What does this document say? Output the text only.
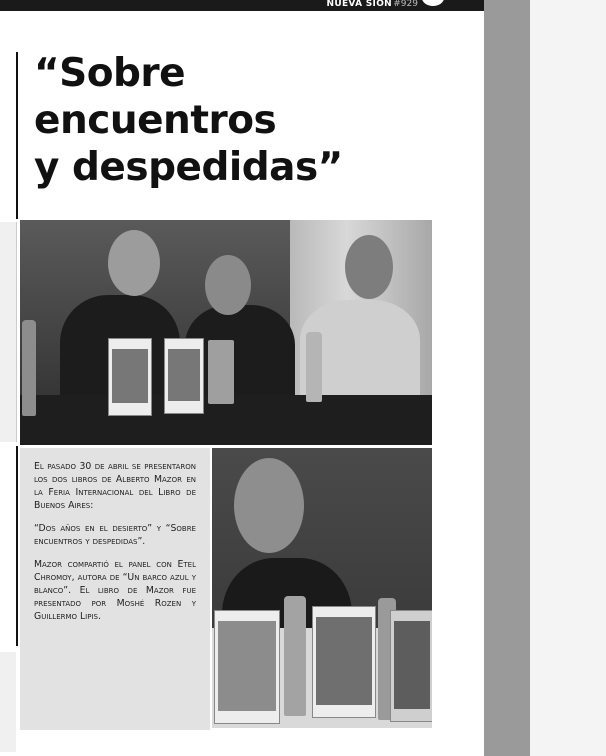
NUEVA SIÓN #929
“Sobre
encuentros
y despedidas”

El pasado 30 de abril se presentaron los dos libros de Alberto Mazor en la Feria Internacional del Libro de Buenos Aires:

“Dos años en el desierto” y “Sobre encuentros y despedidas”.

Mazor compartió el panel con Etel Chromoy, autora de “Un barco azul y blanco”. El libro de Mazor fue presentado por Moshé Rozen y Guillermo Lipis.
